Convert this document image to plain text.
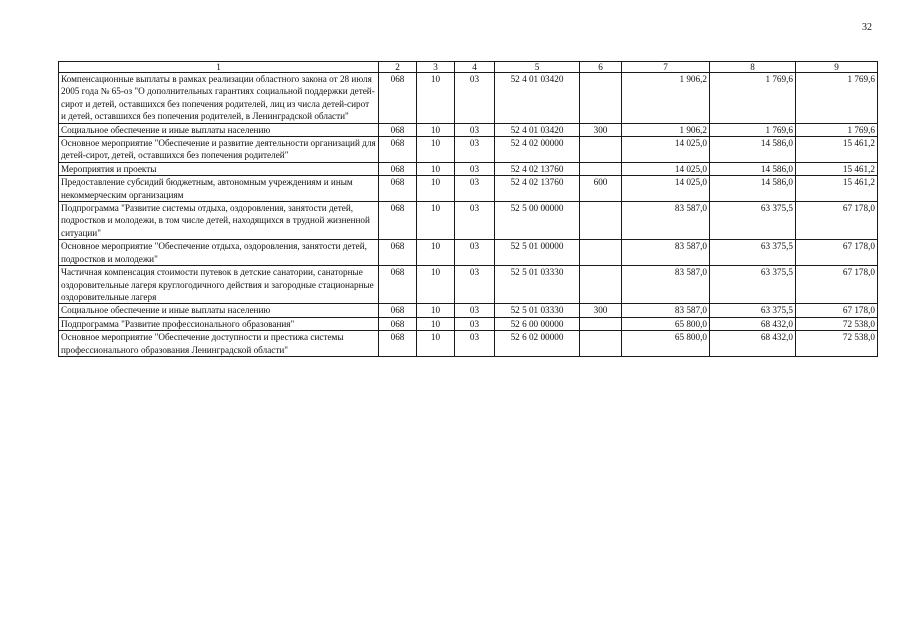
32
1	2	3	4	5	6	7	8	9
Компенсационные выплаты в рамках реализации областного закона от 28 июля 2005 года № 65-оз "О дополнительных гарантиях социальной поддержки детей-сирот и детей, оставшихся без попечения родителей, лиц из числа детей-сирот и детей, оставшихся без попечения родителей, в Ленинградской области"	068	10	03	52 4 01 03420		1 906,2	1 769,6	1 769,6
Социальное обеспечение и иные выплаты населению	068	10	03	52 4 01 03420	300	1 906,2	1 769,6	1 769,6
Основное мероприятие "Обеспечение и развитие деятельности организаций для детей-сирот, детей, оставшихся без попечения родителей"	068	10	03	52 4 02 00000		14 025,0	14 586,0	15 461,2
Мероприятия и проекты	068	10	03	52 4 02 13760		14 025,0	14 586,0	15 461,2
Предоставление субсидий бюджетным, автономным учреждениям и иным некоммерческим организациям	068	10	03	52 4 02 13760	600	14 025,0	14 586,0	15 461,2
Подпрограмма "Развитие системы отдыха, оздоровления, занятости детей, подростков и молодежи, в том числе детей, находящихся в трудной жизненной ситуации"	068	10	03	52 5 00 00000		83 587,0	63 375,5	67 178,0
Основное мероприятие "Обеспечение отдыха, оздоровления, занятости детей, подростков и молодежи"	068	10	03	52 5 01 00000		83 587,0	63 375,5	67 178,0
Частичная компенсация стоимости путевок в детские санатории, санаторные оздоровительные лагеря круглогодичного действия и загородные стационарные оздоровительные лагеря	068	10	03	52 5 01 03330		83 587,0	63 375,5	67 178,0
Социальное обеспечение и иные выплаты населению	068	10	03	52 5 01 03330	300	83 587,0	63 375,5	67 178,0
Подпрограмма "Развитие профессионального образования"	068	10	03	52 6 00 00000		65 800,0	68 432,0	72 538,0
Основное мероприятие "Обеспечение доступности и престижа системы профессионального образования Ленинградской области"	068	10	03	52 6 02 00000		65 800,0	68 432,0	72 538,0
